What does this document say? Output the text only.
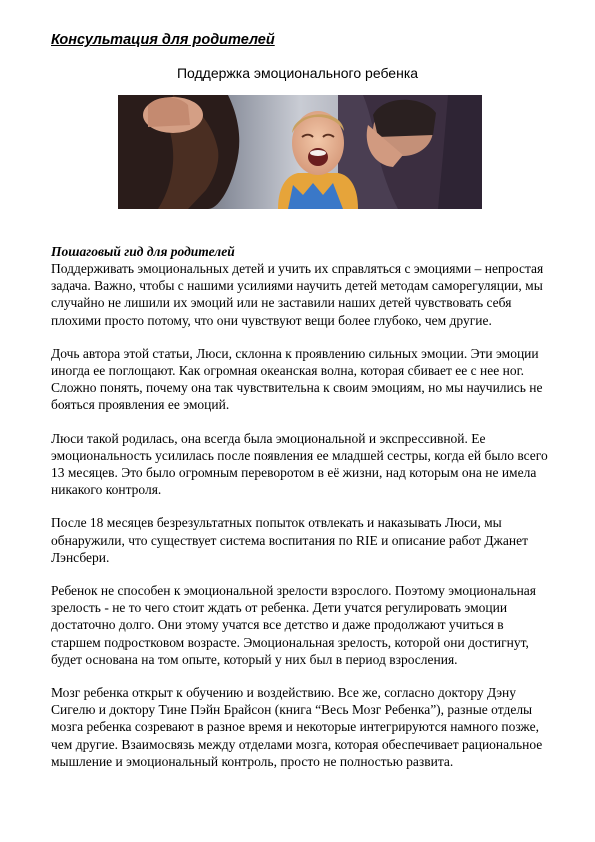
Консультация для родителей
Поддержка эмоционального ребенка

Пошаговый гид для родителей

Поддерживать эмоциональных детей и учить их справляться с эмоциями – непростая задача. Важно, чтобы с нашими усилиями научить детей методам саморегуляции, мы случайно не лишили их эмоций или не заставили наших детей чувствовать себя плохими просто потому, что они чувствуют вещи более глубоко, чем другие.

Дочь автора этой статьи, Люси, склонна к проявлению сильных эмоции. Эти эмоции иногда ее поглощают. Как огромная океанская волна, которая сбивает ее с нее ног. Сложно понять, почему она так чувствительна к своим эмоциям, но мы научились не бояться проявления ее эмоций.

Люси такой родилась, она всегда была эмоциональной и экспрессивной. Ее эмоциональность усилилась после появления ее младшей сестры, когда ей было всего 13 месяцев. Это было огромным переворотом в её жизни, над которым она не имела никакого контроля.

После 18 месяцев безрезультатных попыток отвлекать и наказывать Люси, мы обнаружили, что существует система воспитания по RIE и описание работ Джанет Лэнсбери.

Ребенок не способен к эмоциональной зрелости взрослого. Поэтому эмоциональная зрелость - не то чего стоит ждать от ребенка. Дети учатся регулировать эмоции достаточно долго. Они этому учатся все детство и даже продолжают учиться в старшем подростковом возрасте. Эмоциональная зрелость, которой они достигнут, будет основана на том опыте, который у них был в период взросления.

Мозг ребенка открыт к обучению и воздействию. Все же, согласно доктору Дэну Сигелю и доктору Тине Пэйн Брайсон (книга “Весь Мозг Ребенка”), разные отделы мозга ребенка созревают в разное время и некоторые интегрируются намного позже, чем другие. Взаимосвязь между отделами мозга, которая обеспечивает рациональное мышление и эмоциональный контроль, просто не полностью развита.
